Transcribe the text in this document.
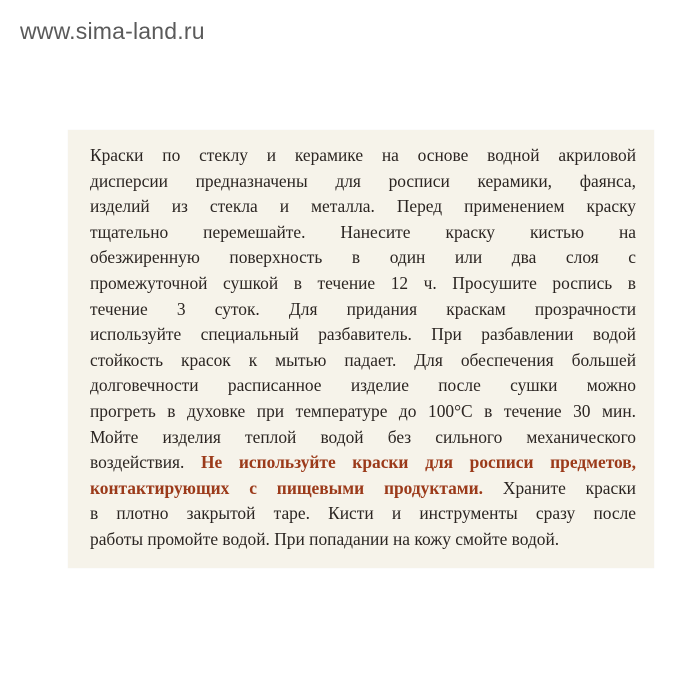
www.sima-land.ru
Краски по стеклу и керамике на основе водной акриловой
дисперсии предназначены для росписи керамики, фаянса,
изделий из стекла и металла. Перед применением краску
тщательно перемешайте. Нанесите краску кистью на
обезжиренную поверхность в один или два слоя с
промежуточной сушкой в течение 12 ч. Просушите роспись в
течение 3 суток. Для придания краскам прозрачности
используйте специальный разбавитель. При разбавлении водой
стойкость красок к мытью падает. Для обеспечения большей
долговечности расписанное изделие после сушки можно
прогреть в духовке при температуре до 100°С в течение 30 мин.
Мойте изделия теплой водой без сильного механического
воздействия. Не используйте краски для росписи предметов,
контактирующих с пищевыми продуктами. Храните краски
в плотно закрытой таре. Кисти и инструменты сразу после
работы промойте водой. При попадании на кожу смойте водой.
